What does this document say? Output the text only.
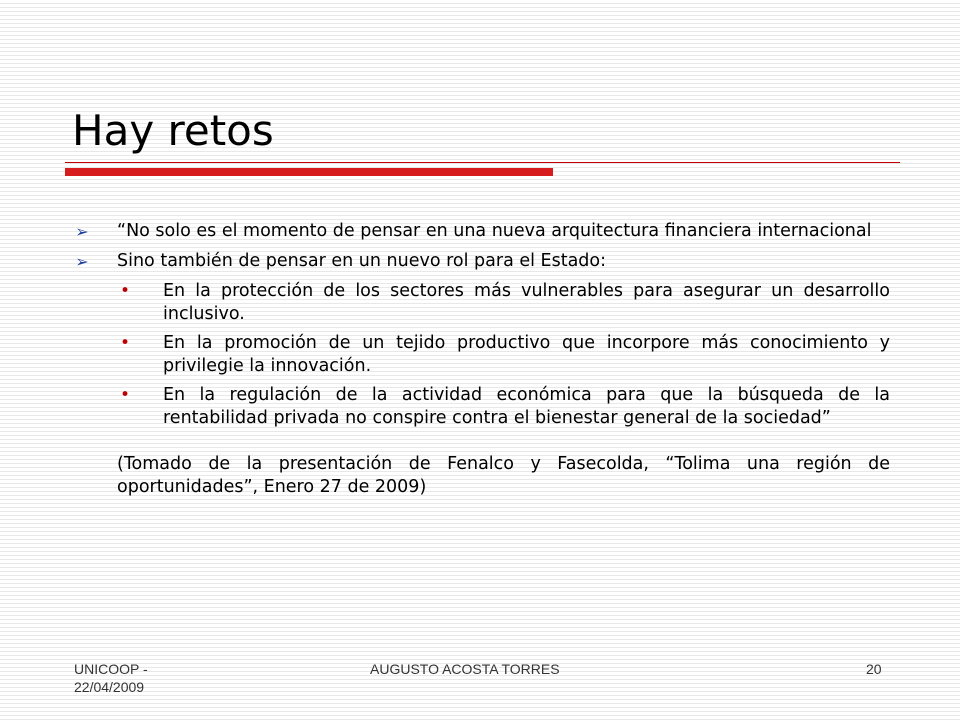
Hay retos
➢ “No solo es el momento de pensar en una nueva arquitectura financiera internacional
➢ Sino también de pensar en un nuevo rol para el Estado:
• En la protección de los sectores más vulnerables para asegurar un desarrollo inclusivo.
• En la promoción de un tejido productivo que incorpore más conocimiento y privilegie la innovación.
• En la regulación de la actividad económica para que la búsqueda de la rentabilidad privada no conspire contra el bienestar general de la sociedad”
(Tomado de la presentación de Fenalco y Fasecolda, “Tolima una región de oportunidades”, Enero 27 de 2009)
UNICOOP - 22/04/2009
AUGUSTO ACOSTA TORRES	20
